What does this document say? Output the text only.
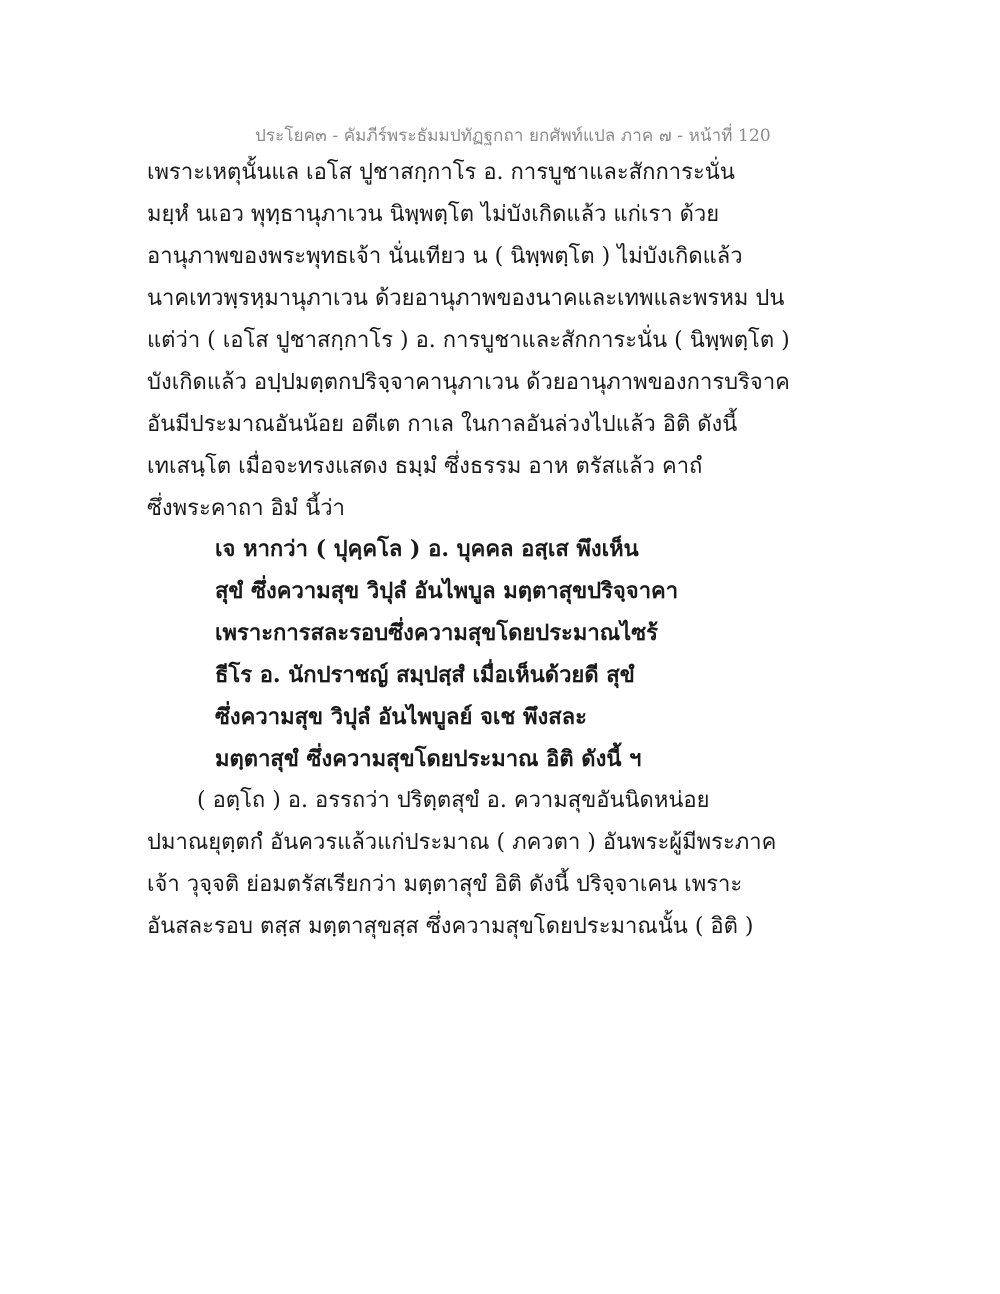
ประโยค๓ - คัมภีร์พระธัมมปทัฏฐกถา ยกศัพท์แปล ภาค ๗ - หน้าที่ 120
เพราะเหตุนั้นแล เอโส ปูชาสกฺกาโร อ. การบูชาและสักการะนั่น
มยฺหํ นเอว พุทฺธานุภาเวน นิพฺพตฺโต ไม่บังเกิดแล้ว แก่เรา ด้วย
อานุภาพของพระพุทธเจ้า นั่นเทียว น ( นิพฺพตฺโต ) ไม่บังเกิดแล้ว
นาคเทวพฺรหฺมานุภาเวน ด้วยอานุภาพของนาคและเทพและพรหม ปน
แต่ว่า ( เอโส ปูชาสกฺกาโร ) อ. การบูชาและสักการะนั่น ( นิพฺพตฺโต )
บังเกิดแล้ว อปฺปมตฺตกปริจฺจาคานุภาเวน ด้วยอานุภาพของการบริจาค
อันมีประมาณอันน้อย อตีเต กาเล ในกาลอันล่วงไปแล้ว อิติ ดังนี้
เทเสนฺโต เมื่อจะทรงแสดง ธมฺมํ ซึ่งธรรม อาห ตรัสแล้ว คาถํ
ซึ่งพระคาถา อิมํ นี้ว่า
เจ หากว่า ( ปุคฺคโล ) อ. บุคคล อสฺเส พึงเห็น
สุขํ ซึ่งความสุข วิปุลํ อันไพบูล มตฺตาสุขปริจฺจาคา
เพราะการสละรอบซึ่งความสุขโดยประมาณไซร้
ธีโร อ. นักปราชญ์ สมฺปสฺสํ เมื่อเห็นด้วยดี สุขํ
ซึ่งความสุข วิปุลํ อันไพบูลย์ จเช พึงสละ
มตฺตาสุขํ ซึ่งความสุขโดยประมาณ อิติ ดังนี้ ฯ
( อตฺโถ ) อ. อรรถว่า ปริตฺตสุขํ อ. ความสุขอันนิดหน่อย
ปมาณยุตฺตกํ อันควรแล้วแก่ประมาณ ( ภควตา ) อันพระผู้มีพระภาค
เจ้า วุจฺจติ ย่อมตรัสเรียกว่า มตฺตาสุขํ อิติ ดังนี้ ปริจฺจาเคน เพราะ
อันสละรอบ ตสฺส มตฺตาสุขสฺส ซึ่งความสุขโดยประมาณนั้น ( อิติ )
